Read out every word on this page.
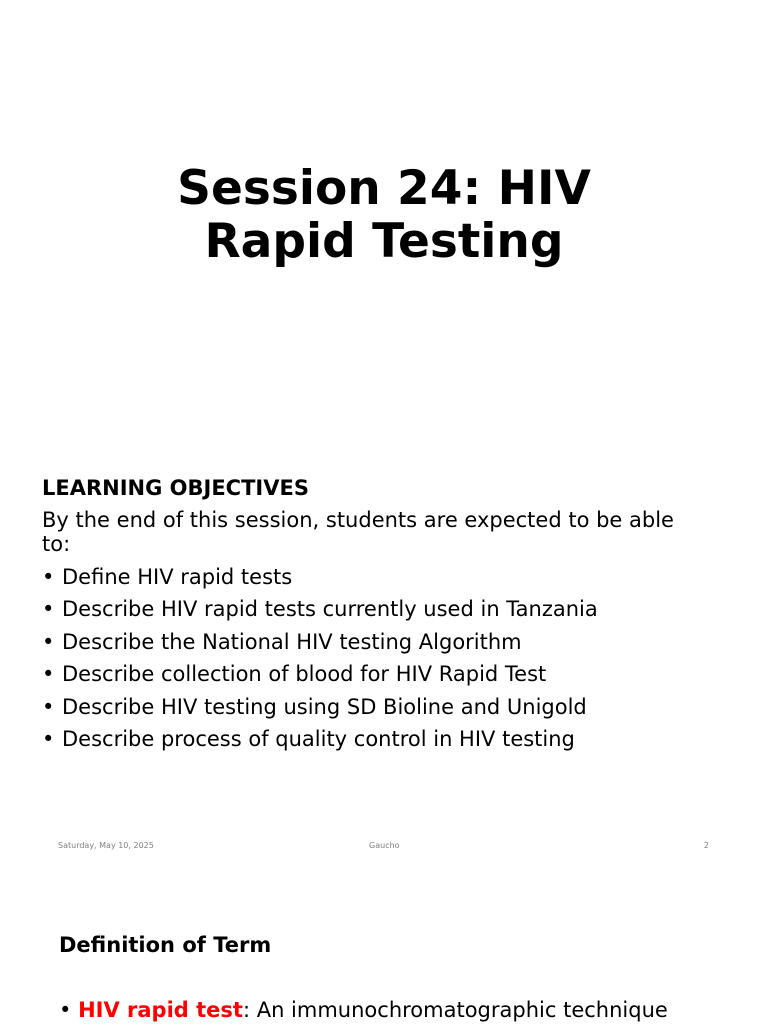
Session 24: HIV
Rapid Testing
LEARNING OBJECTIVES

By the end of this session, students are expected to be able to:

• Define HIV rapid tests
• Describe HIV rapid tests currently used in Tanzania
• Describe the National HIV testing Algorithm
• Describe collection of blood for HIV Rapid Test
• Describe HIV testing using SD Bioline and Unigold
• Describe process of quality control in HIV testing
Saturday, May 10, 2025	Gaucho	2
Definition of Term

• HIV rapid test: An immunochromatographic technique
